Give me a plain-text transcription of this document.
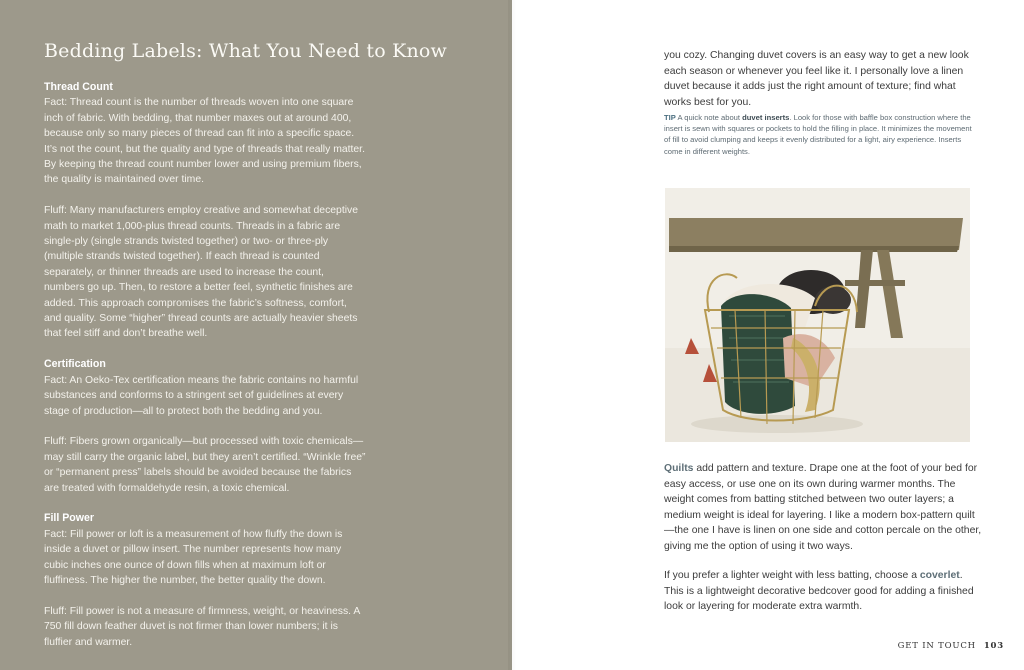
Bedding Labels: What You Need to Know
Thread Count

Fact: Thread count is the number of threads woven into one square inch of fabric. With bedding, that number maxes out at around 400, because only so many pieces of thread can fit into a specific space. It’s not the count, but the quality and type of threads that really matter. By keeping the thread count number lower and using premium fibers, the quality is maintained over time.

Fluff: Many manufacturers employ creative and somewhat deceptive math to market 1,000-plus thread counts. Threads in a fabric are single-ply (single strands twisted together) or two- or three-ply (multiple strands twisted together). If each thread is counted separately, or thinner threads are used to increase the count, numbers go up. Then, to restore a better feel, synthetic finishes are added. This approach compromises the fabric’s softness, comfort, and quality. Some “higher” thread counts are actually heavier sheets that feel stiff and don’t breathe well.

Certification

Fact: An Oeko-Tex certification means the fabric contains no harmful substances and conforms to a stringent set of guidelines at every stage of production—all to protect both the bedding and you.

Fluff: Fibers grown organically—but processed with toxic chemicals—may still carry the organic label, but they aren’t certified. “Wrinkle free” or “permanent press” labels should be avoided because the fabrics are treated with formaldehyde resin, a toxic chemical.

Fill Power

Fact: Fill power or loft is a measurement of how fluffy the down is inside a duvet or pillow insert. The number represents how many cubic inches one ounce of down fills when at maximum loft or fluffiness. The higher the number, the better quality the down.

Fluff: Fill power is not a measure of firmness, weight, or heaviness. A 750 fill down feather duvet is not firmer than lower numbers; it is fluffier and warmer.

you cozy. Changing duvet covers is an easy way to get a new look each season or whenever you feel like it. I personally love a linen duvet because it adds just the right amount of texture; find what works best for you.

TIP A quick note about duvet inserts. Look for those with baffle box construction where the insert is sewn with squares or pockets to hold the filling in place. It minimizes the movement of fill to avoid clumping and keeps it evenly distributed for a light, airy experience. Inserts come in different weights.

Quilts add pattern and texture. Drape one at the foot of your bed for easy access, or use one on its own during warmer months. The weight comes from batting stitched between two outer layers; a medium weight is ideal for layering. I like a modern box-pattern quilt—the one I have is linen on one side and cotton percale on the other, giving me the option of using it two ways.

If you prefer a lighter weight with less batting, choose a coverlet. This is a lightweight decorative bedcover good for adding a finished look or layering for moderate extra warmth.

GET IN TOUCH 103
